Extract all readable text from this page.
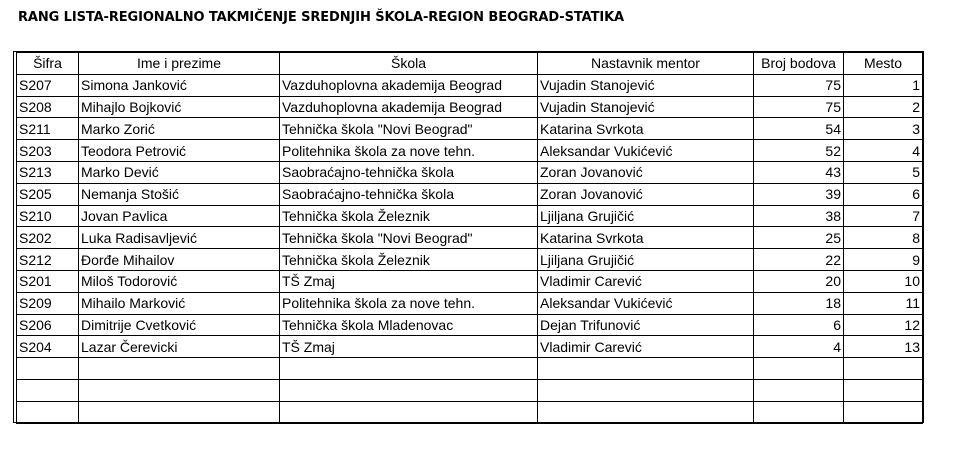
RANG LISTA-REGIONALNO TAKMIČENJE SREDNJIH ŠKOLA-REGION BEOGRAD-STATIKA
Šifra	Ime i prezime	Škola	Nastavnik mentor	Broj bodova	Mesto
S207	Simona Janković	Vazduhoplovna akademija Beograd	Vujadin Stanojević	75	1
S208	Mihajlo Bojković	Vazduhoplovna akademija Beograd	Vujadin Stanojević	75	2
S211	Marko Zorić	Tehnička škola "Novi Beograd"	Katarina Svrkota	54	3
S203	Teodora Petrović	Politehnika škola za nove tehn.	Aleksandar Vukićević	52	4
S213	Marko Dević	Saobraćajno-tehnička škola	Zoran Jovanović	43	5
S205	Nemanja Stošić	Saobraćajno-tehnička škola	Zoran Jovanović	39	6
S210	Jovan Pavlica	Tehnička škola Železnik	Ljiljana Grujičić	38	7
S202	Luka Radisavljević	Tehnička škola "Novi Beograd"	Katarina Svrkota	25	8
S212	Đorđe Mihailov	Tehnička škola Železnik	Ljiljana Grujičić	22	9
S201	Miloš Todorović	TŠ Zmaj	Vladimir Carević	20	10
S209	Mihailo Marković	Politehnika škola za nove tehn.	Aleksandar Vukićević	18	11
S206	Dimitrije Cvetković	Tehnička škola Mladenovac	Dejan Trifunović	6	12
S204	Lazar Čerevicki	TŠ Zmaj	Vladimir Carević	4	13
